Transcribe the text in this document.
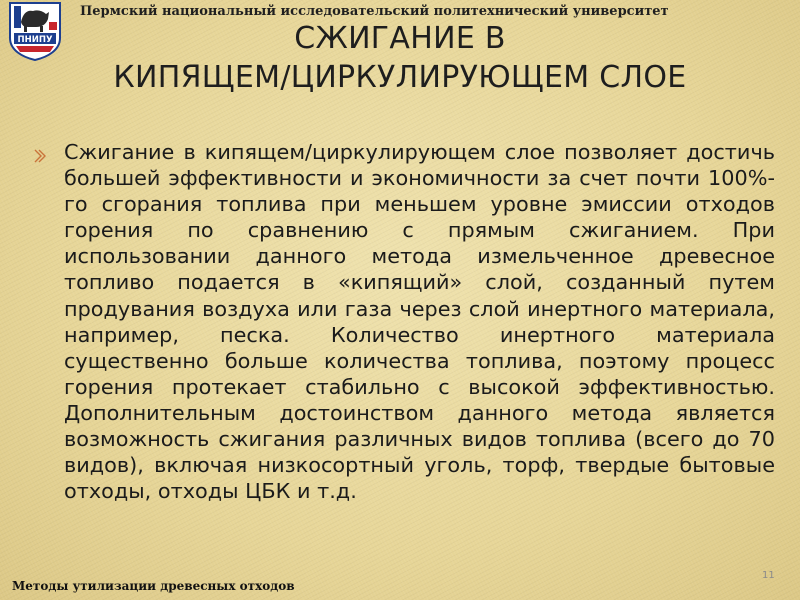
ПНИПУ
Пермский национальный исследовательский политехнический университет
СЖИГАНИЕ В
КИПЯЩЕМ/ЦИРКУЛИРУЮЩЕМ СЛОЕ
Сжигание в кипящем/циркулирующем слое позволяет достичь большей эффективности и экономичности за счет почти 100%-го сгорания топлива при меньшем уровне эмиссии отходов горения по сравнению с прямым сжиганием. При использовании данного метода измельченное древесное топливо подается в «кипящий» слой, созданный путем продувания воздуха или газа через слой инертного материала, например, песка. Количество инертного материала существенно больше количества топлива, поэтому процесс горения протекает стабильно с высокой эффективностью. Дополнительным достоинством данного метода является возможность сжигания различных видов топлива (всего до 70 видов), включая низкосортный уголь, торф, твердые бытовые отходы, отходы ЦБК и т.д.
Методы утилизации древесных отходов
11
